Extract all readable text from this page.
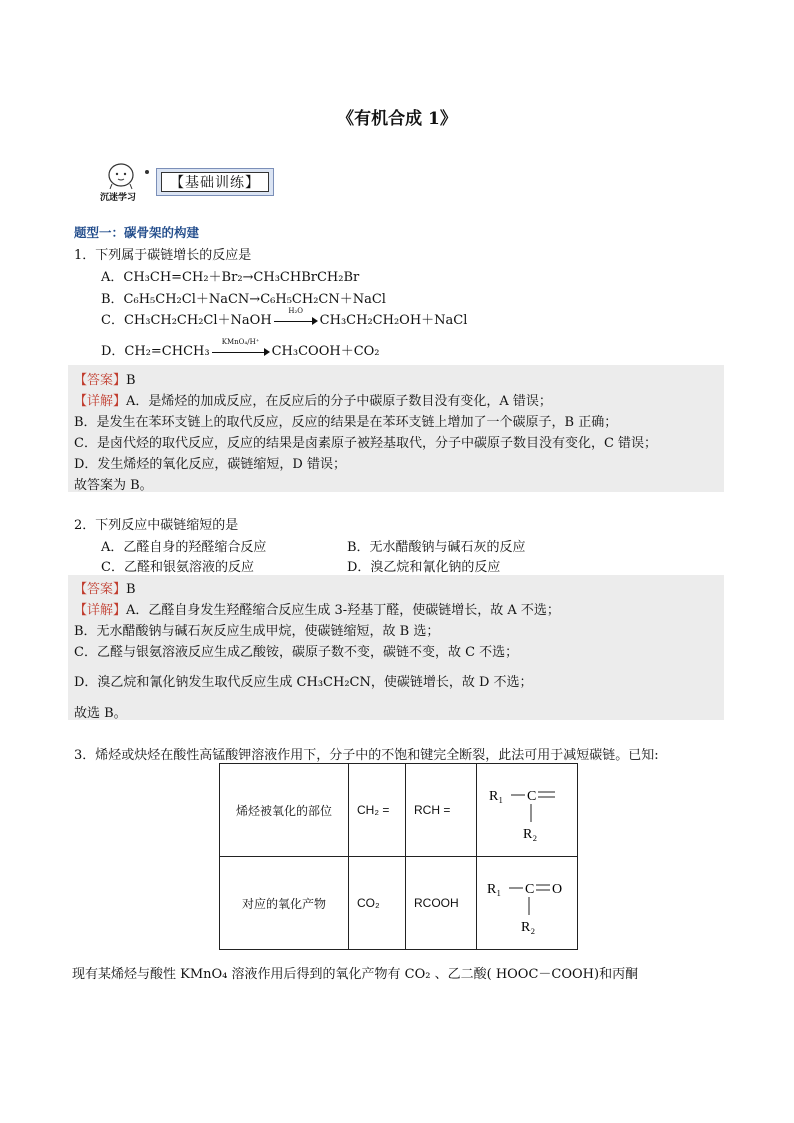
《有机合成 1》
沉迷学习
【基础训练】
题型一：碳骨架的构建
1．下列属于碳链增长的反应是
A．CH₃CH=CH₂＋Br₂→CH₃CHBrCH₂Br
B．C₆H₅CH₂Cl＋NaCN→C₆H₅CH₂CN＋NaCl
C．CH₃CH₂CH₂Cl＋NaOH
H₂O
CH₃CH₂CH₂OH＋NaCl
D．CH₂=CHCH₃
KMnO₄/H⁺
CH₃COOH＋CO₂
【答案】B
【详解】A．是烯烃的加成反应，在反应后的分子中碳原子数目没有变化，A 错误；
B．是发生在苯环支链上的取代反应，反应的结果是在苯环支链上增加了一个碳原子，B 正确；
C．是卤代烃的取代反应，反应的结果是卤素原子被羟基取代，分子中碳原子数目没有变化，C 错误；
D．发生烯烃的氧化反应，碳链缩短，D 错误；
故答案为 B。
2．下列反应中碳链缩短的是
A．乙醛自身的羟醛缩合反应	B．无水醋酸钠与碱石灰的反应
C．乙醛和银氨溶液的反应	D．溴乙烷和氰化钠的反应
【答案】B
【详解】A．乙醛自身发生羟醛缩合反应生成 3-羟基丁醛，使碳链增长，故 A 不选；
B．无水醋酸钠与碱石灰反应生成甲烷，使碳链缩短，故 B 选；
C．乙醛与银氨溶液反应生成乙酸铵，碳原子数不变，碳链不变，故 C 不选；
D．溴乙烷和氰化钠发生取代反应生成 CH₃CH₂CN，使碳链增长，故 D 不选；
故选 B。
3．烯烃或炔烃在酸性高锰酸钾溶液作用下，分子中的不饱和键完全断裂，此法可用于减短碳链。已知:
烯烃被氧化的部位	CH₂ =	RCH =	R₁ C
R₂

对应的氧化产物	CO₂	RCOOH	R₁ C O
R₂
现有某烯烃与酸性 KMnO₄ 溶液作用后得到的氧化产物有 CO₂ 、乙二酸( HOOC－COOH)和丙酮
